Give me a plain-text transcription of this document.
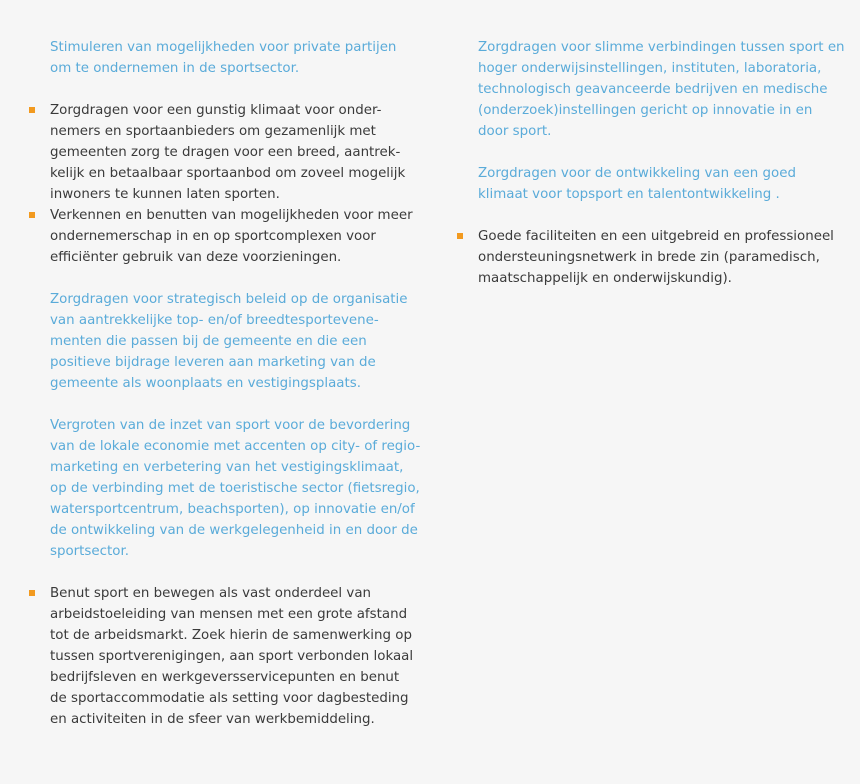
Stimuleren van mogelijkheden voor private partijen
om te ondernemen in de sportsector.

Zorgdragen voor een gunstig klimaat voor onder-
nemers en sportaanbieders om gezamenlijk met
gemeenten zorg te dragen voor een breed, aantrek-
kelijk en betaalbaar sportaanbod om zoveel mogelijk
inwoners te kunnen laten sporten.

Verkennen en benutten van mogelijkheden voor meer
ondernemerschap in en op sportcomplexen voor
efficiënter gebruik van deze voorzieningen.

Zorgdragen voor strategisch beleid op de organisatie
van aantrekkelijke top- en/of breedtesportevene-
menten die passen bij de gemeente en die een
positieve bijdrage leveren aan marketing van de
gemeente als woonplaats en vestigingsplaats.

Vergroten van de inzet van sport voor de bevordering
van de lokale economie met accenten op city- of regio-
marketing en verbetering van het vestigingsklimaat,
op de verbinding met de toeristische sector (fietsregio,
watersportcentrum, beachsporten), op innovatie en/of
de ontwikkeling van de werkgelegenheid in en door de
sportsector.

Benut sport en bewegen als vast onderdeel van
arbeidstoeleiding van mensen met een grote afstand
tot de arbeidsmarkt. Zoek hierin de samenwerking op
tussen sportverenigingen, aan sport verbonden lokaal
bedrijfsleven en werkgeversservicepunten en benut
de sportaccommodatie als setting voor dagbesteding
en activiteiten in de sfeer van werkbemiddeling.

Zorgdragen voor slimme verbindingen tussen sport en
hoger onderwijsinstellingen, instituten, laboratoria,
technologisch geavanceerde bedrijven en medische
(onderzoek)instellingen gericht op innovatie in en
door sport.

Zorgdragen voor de ontwikkeling van een goed
klimaat voor topsport en talentontwikkeling .

Goede faciliteiten en een uitgebreid en professioneel
ondersteuningsnetwerk in brede zin (paramedisch,
maatschappelijk en onderwijskundig).
